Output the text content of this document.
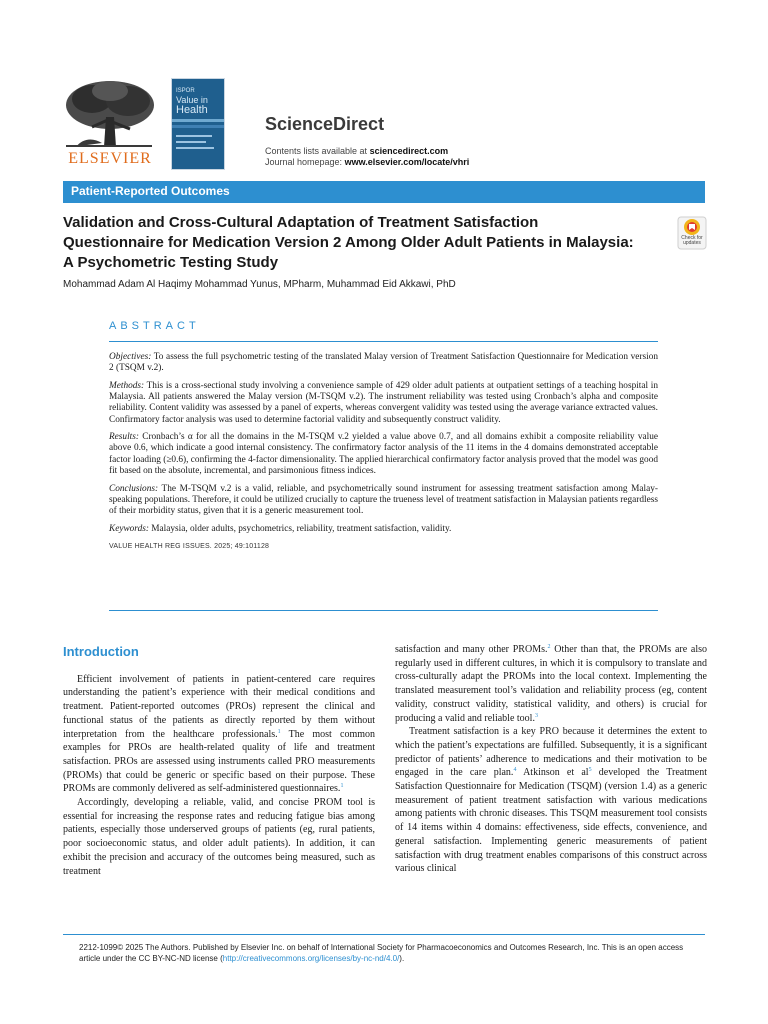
ELSEVIER
ISPOR
Value in
Health
ScienceDirect
Contents lists available at sciencedirect.com
Journal homepage: www.elsevier.com/locate/vhri
Patient-Reported Outcomes
Validation and Cross-Cultural Adaptation of Treatment Satisfaction Questionnaire for Medication Version 2 Among Older Adult Patients in Malaysia: A Psychometric Testing Study
Check for updates
Mohammad Adam Al Haqimy Mohammad Yunus, MPharm, Muhammad Eid Akkawi, PhD
ABSTRACT

Objectives: To assess the full psychometric testing of the translated Malay version of Treatment Satisfaction Questionnaire for Medication version 2 (TSQM v.2).

Methods: This is a cross-sectional study involving a convenience sample of 429 older adult patients at outpatient settings of a teaching hospital in Malaysia. All patients answered the Malay version (M-TSQM v.2). The instrument reliability was tested using Cronbach’s alpha and composite reliability. Content validity was assessed by a panel of experts, whereas convergent validity was tested using the average variance extracted values. Confirmatory factor analysis was used to determine factorial validity and subsequently construct validity.

Results: Cronbach’s α for all the domains in the M-TSQM v.2 yielded a value above 0.7, and all domains exhibit a composite reliability value above 0.6, which indicate a good internal consistency. The confirmatory factor analysis of the 11 items in the 4 domains demonstrated acceptable factor loading (≥0.6), confirming the 4-factor dimensionality. The applied hierarchical confirmatory factor analysis proved that the model was good fit based on the absolute, incremental, and parsimonious fitness indices.

Conclusions: The M-TSQM v.2 is a valid, reliable, and psychometrically sound instrument for assessing treatment satisfaction among Malay-speaking populations. Therefore, it could be utilized crucially to capture the trueness level of treatment satisfaction in Malaysian patients regardless of their morbidity status, given that it is a generic measurement tool.

Keywords: Malaysia, older adults, psychometrics, reliability, treatment satisfaction, validity.

VALUE HEALTH REG ISSUES. 2025; 49:101128
Introduction

Efficient involvement of patients in patient-centered care requires understanding the patient’s experience with their medical conditions and treatment. Patient-reported outcomes (PROs) represent the clinical and functional status of the patients as directly reported by them without interpretation from the healthcare professionals.$^1$ The most common examples for PROs are health-related quality of life and treatment satisfaction. PROs are assessed using instruments called PRO measurements (PROMs) that could be generic or specific based on their purpose. These PROMs are commonly delivered as self-administered questionnaires.$^1$

Accordingly, developing a reliable, valid, and concise PROM tool is essential for increasing the response rates and reducing fatigue bias among patients, especially those underserved groups of patients (eg, rural patients, poor socioeconomic status, and older adult patients). In addition, it can exhibit the precision and accuracy of the outcomes being measured, such as treatment

satisfaction and many other PROMs.$^2$ Other than that, the PROMs are also regularly used in different cultures, in which it is compulsory to translate and cross-culturally adapt the PROMs into the local context. Implementing the translated measurement tool’s validation and reliability process (eg, content validity, construct validity, statistical validity, and others) is crucial for producing a valid and reliable tool.$^3$

Treatment satisfaction is a key PRO because it determines the extent to which the patient’s expectations are fulfilled. Subsequently, it is a significant predictor of patients’ adherence to medications and their motivation to be engaged in the care plan.$^4$ Atkinson et $al^5$ developed the Treatment Satisfaction Questionnaire for Medication (TSQM) (version 1.4) as a generic measurement of patient treatment satisfaction with various medications among patients with chronic diseases. This TSQM measurement tool consists of 14 items within 4 domains: effectiveness, side effects, convenience, and general satisfaction. Implementing generic measurements of patient satisfaction with drug treatment enables comparisons of this construct across various clinical

2212-1099© 2025 The Authors. Published by Elsevier Inc. on behalf of International Society for Pharmacoeconomics and Outcomes Research, Inc. This is an open access article under the CC BY-NC-ND license (http://creativecommons.org/licenses/by-nc-nd/4.0/).
